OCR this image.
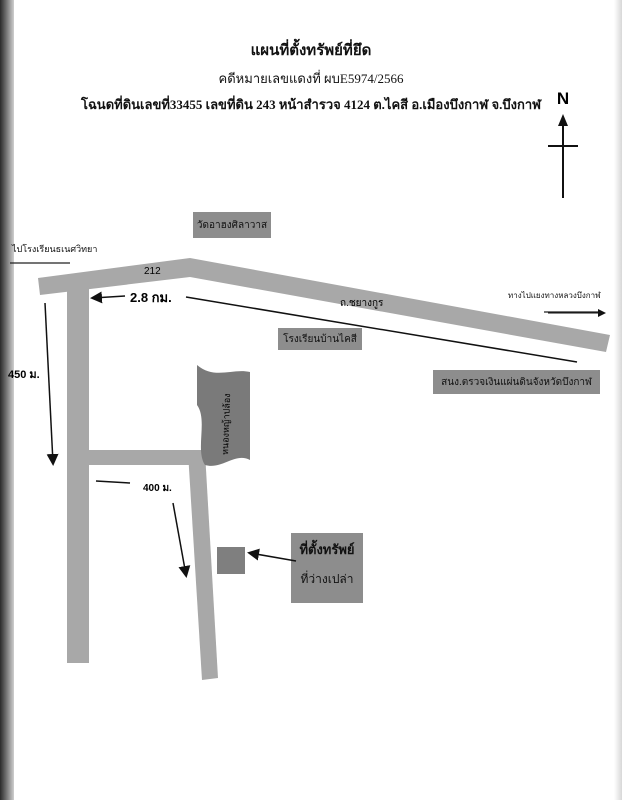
แผนที่ตั้งทรัพย์ที่ยึด
คดีหมายเลขแดงที่ ผบE5974/2566
โฉนดที่ดินเลขที่33455 เลขที่ดิน 243 หน้าสำรวจ 4124 ต.ไคสี อ.เมืองบึงกาฬ จ.บึงกาฬ N
หนองหญ้าปล้อง
212
2.8 กม.	ถ.ชยางกูร
450 ม.
400 ม.
ไปโรงเรียนธเนศวิทยา
ทางไปแยงทางหลวงบึงกาฬ
วัดอาฮงศิลาวาส
โรงเรียนบ้านไคสี
สนง.ตรวจเงินแผ่นดินจังหวัดบึงกาฬ
ที่ตั้งทรัพย์
ที่ว่างเปล่า
